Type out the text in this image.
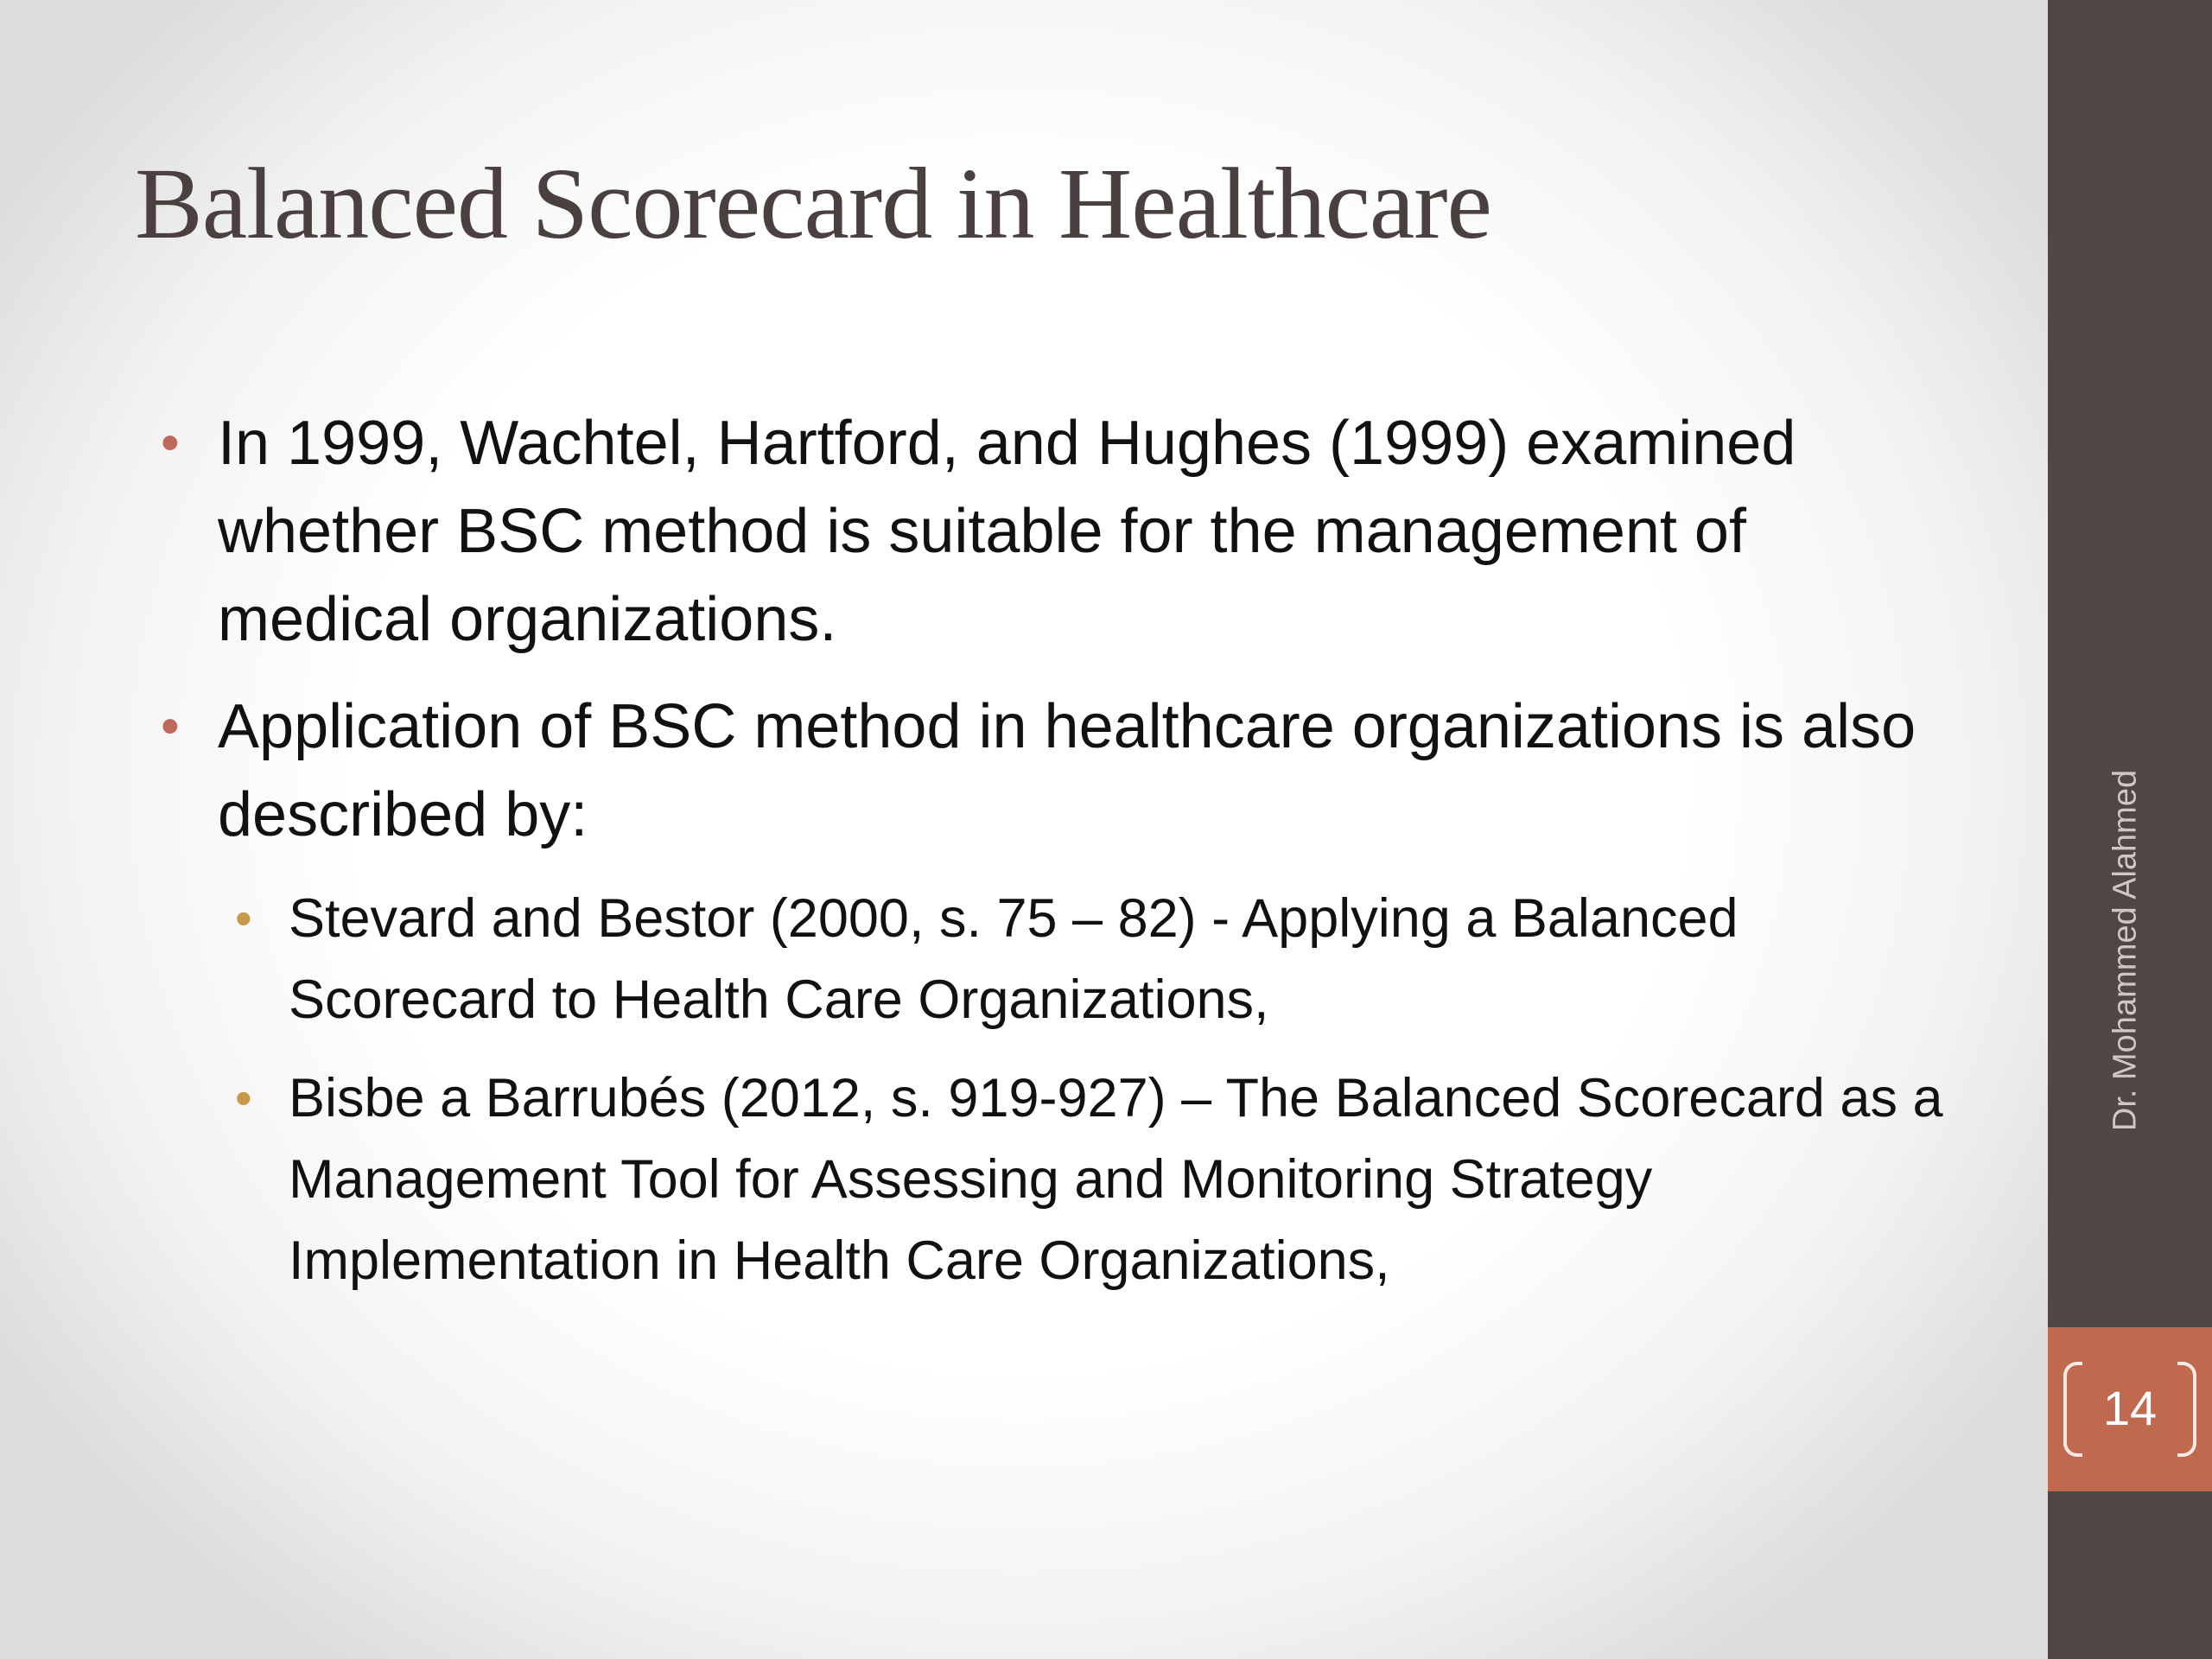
Balanced Scorecard in Healthcare
• In 1999, Wachtel, Hartford, and Hughes (1999) examined whether BSC method is suitable for the management of medical organizations.
• Application of BSC method in healthcare organizations is also described by:
• Stevard and Bestor (2000, s. 75 – 82) - Applying a Balanced Scorecard to Health Care Organizations,
• Bisbe a Barrubés (2012, s. 919-927) – The Balanced Scorecard as a Management Tool for Assessing and Monitoring Strategy Implementation in Health Care Organizations,
Dr. Mohammed Alahmed
14
